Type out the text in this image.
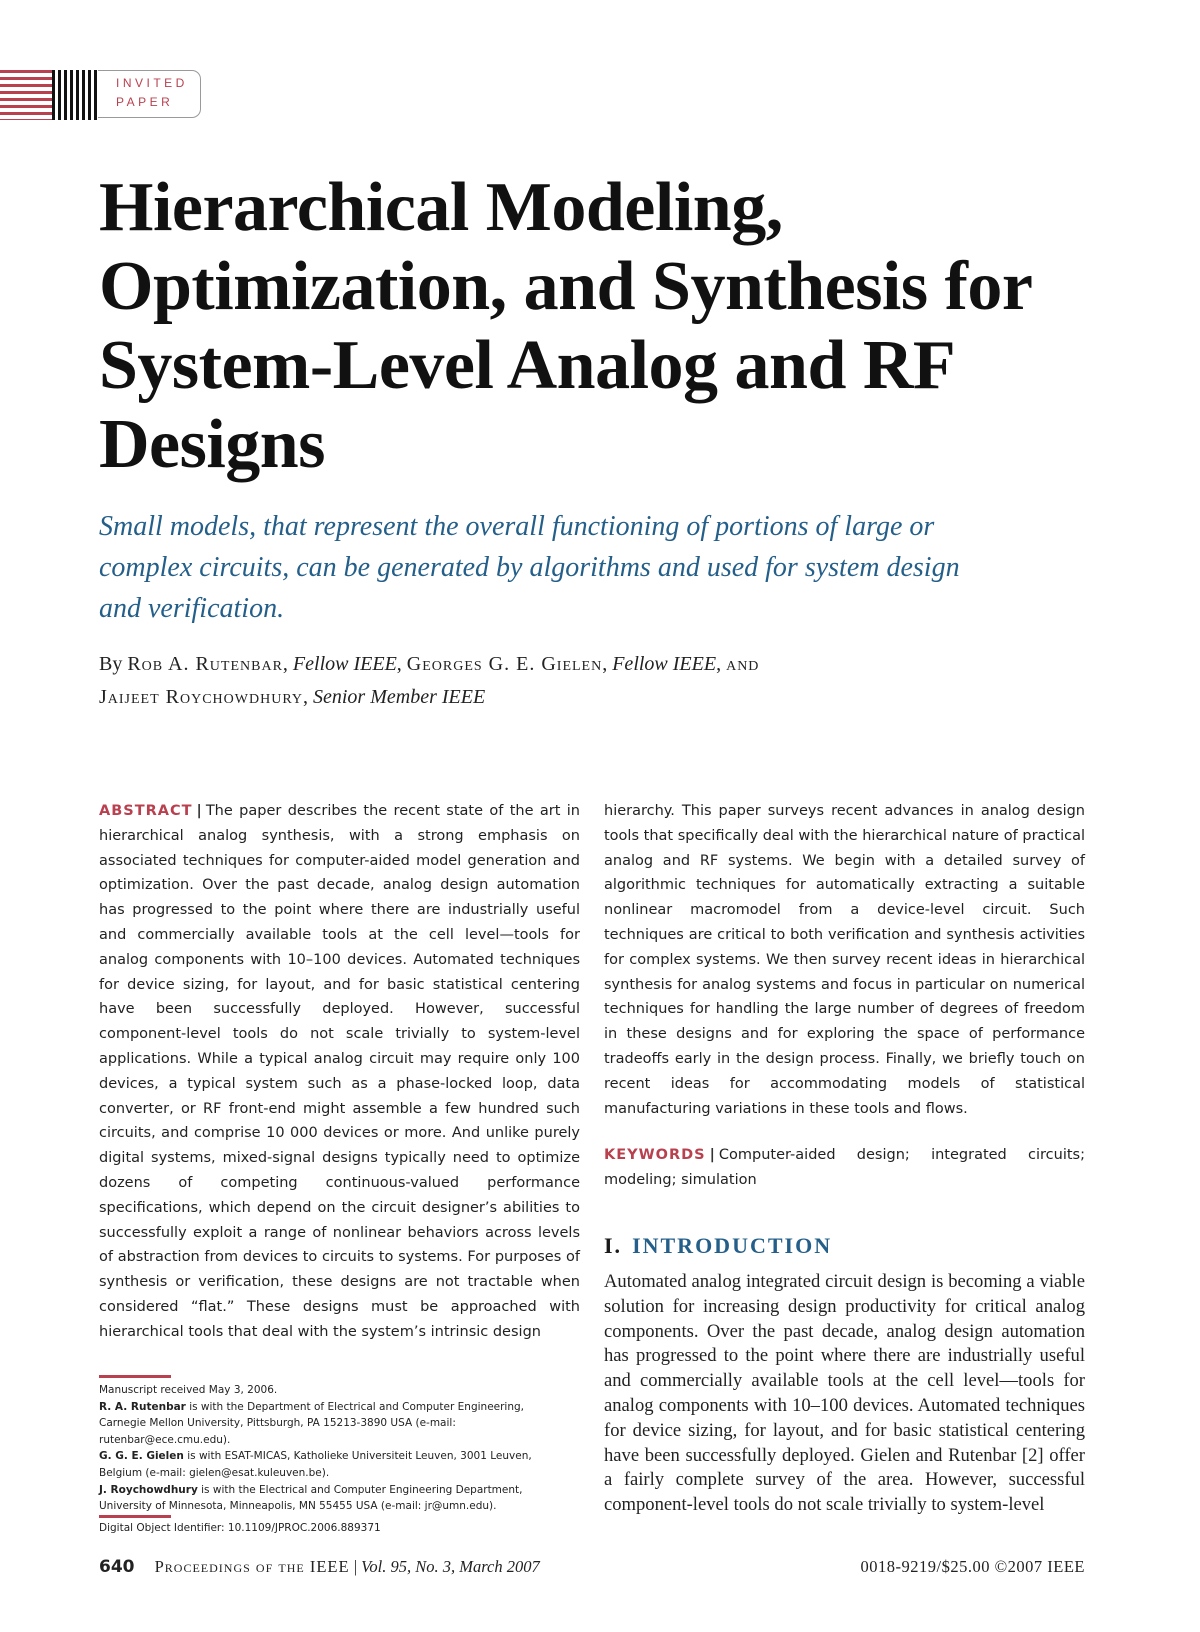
INVITED
PAPER
Hierarchical Modeling, Optimization, and Synthesis for System-Level Analog and RF Designs

Small models, that represent the overall functioning of portions of large or complex circuits, can be generated by algorithms and used for system design and verification.

By Rob A. Rutenbar, Fellow IEEE, Georges G. E. Gielen, Fellow IEEE, and
Jaijeet Roychowdhury, Senior Member IEEE

ABSTRACT | The paper describes the recent state of the art in hierarchical analog synthesis, with a strong emphasis on associated techniques for computer-aided model generation and optimization. Over the past decade, analog design automation has progressed to the point where there are industrially useful and commercially available tools at the cell level—tools for analog components with 10–100 devices. Automated techniques for device sizing, for layout, and for basic statistical centering have been successfully deployed. However, successful component-level tools do not scale trivially to system-level applications. While a typical analog circuit may require only 100 devices, a typical system such as a phase-locked loop, data converter, or RF front-end might assemble a few hundred such circuits, and comprise 10 000 devices or more. And unlike purely digital systems, mixed-signal designs typically need to optimize dozens of competing continuous-valued performance specifications, which depend on the circuit designer’s abilities to successfully exploit a range of nonlinear behaviors across levels of abstraction from devices to circuits to systems. For purposes of synthesis or verification, these designs are not tractable when considered “flat.” These designs must be approached with hierarchical tools that deal with the system’s intrinsic design

hierarchy. This paper surveys recent advances in analog design tools that specifically deal with the hierarchical nature of practical analog and RF systems. We begin with a detailed survey of algorithmic techniques for automatically extracting a suitable nonlinear macromodel from a device-level circuit. Such techniques are critical to both verification and synthesis activities for complex systems. We then survey recent ideas in hierarchical synthesis for analog systems and focus in particular on numerical techniques for handling the large number of degrees of freedom in these designs and for exploring the space of performance tradeoffs early in the design process. Finally, we briefly touch on recent ideas for accommodating models of statistical manufacturing variations in these tools and flows.

KEYWORDS | Computer-aided design; integrated circuits; modeling; simulation

I. INTRODUCTION

Automated analog integrated circuit design is becoming a viable solution for increasing design productivity for critical analog components. Over the past decade, analog design automation has progressed to the point where there are industrially useful and commercially available tools at the cell level—tools for analog components with 10–100 devices. Automated techniques for device sizing, for layout, and for basic statistical centering have been successfully deployed. Gielen and Rutenbar [2] offer a fairly complete survey of the area. However, successful component-level tools do not scale trivially to system-level

Manuscript received May 3, 2006.

R. A. Rutenbar is with the Department of Electrical and Computer Engineering, Carnegie Mellon University, Pittsburgh, PA 15213-3890 USA (e-mail: rutenbar@ece.cmu.edu).

G. G. E. Gielen is with ESAT-MICAS, Katholieke Universiteit Leuven, 3001 Leuven, Belgium (e-mail: gielen@esat.kuleuven.be).

J. Roychowdhury is with the Electrical and Computer Engineering Department, University of Minnesota, Minneapolis, MN 55455 USA (e-mail: jr@umn.edu).

Digital Object Identifier: 10.1109/JPROC.2006.889371
640 Proceedings of the IEEE | Vol. 95, No. 3, March 2007	0018-9219/$25.00 ©2007 IEEE
